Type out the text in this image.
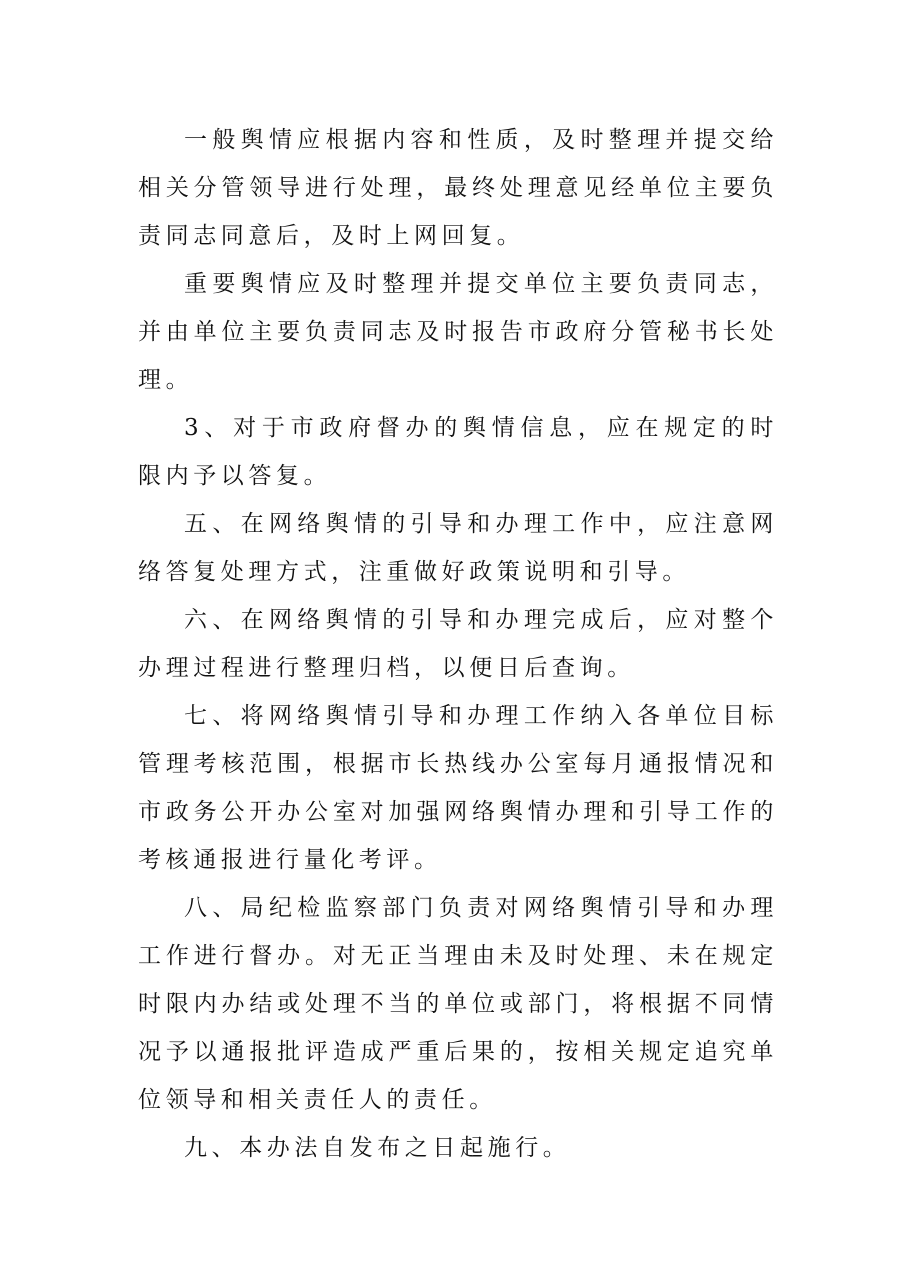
一般舆情应根据内容和性质，及时整理并提交给相关分管领导进行处理，最终处理意见经单位主要负责同志同意后，及时上网回复。

重要舆情应及时整理并提交单位主要负责同志，并由单位主要负责同志及时报告市政府分管秘书长处理。

3、对于市政府督办的舆情信息，应在规定的时限内予以答复。

五、在网络舆情的引导和办理工作中，应注意网络答复处理方式，注重做好政策说明和引导。

六、在网络舆情的引导和办理完成后，应对整个办理过程进行整理归档，以便日后查询。

七、将网络舆情引导和办理工作纳入各单位目标管理考核范围，根据市长热线办公室每月通报情况和市政务公开办公室对加强网络舆情办理和引导工作的考核通报进行量化考评。

八、局纪检监察部门负责对网络舆情引导和办理工作进行督办。对无正当理由未及时处理、未在规定时限内办结或处理不当的单位或部门，将根据不同情况予以通报批评造成严重后果的，按相关规定追究单位领导和相关责任人的责任。

九、本办法自发布之日起施行。
